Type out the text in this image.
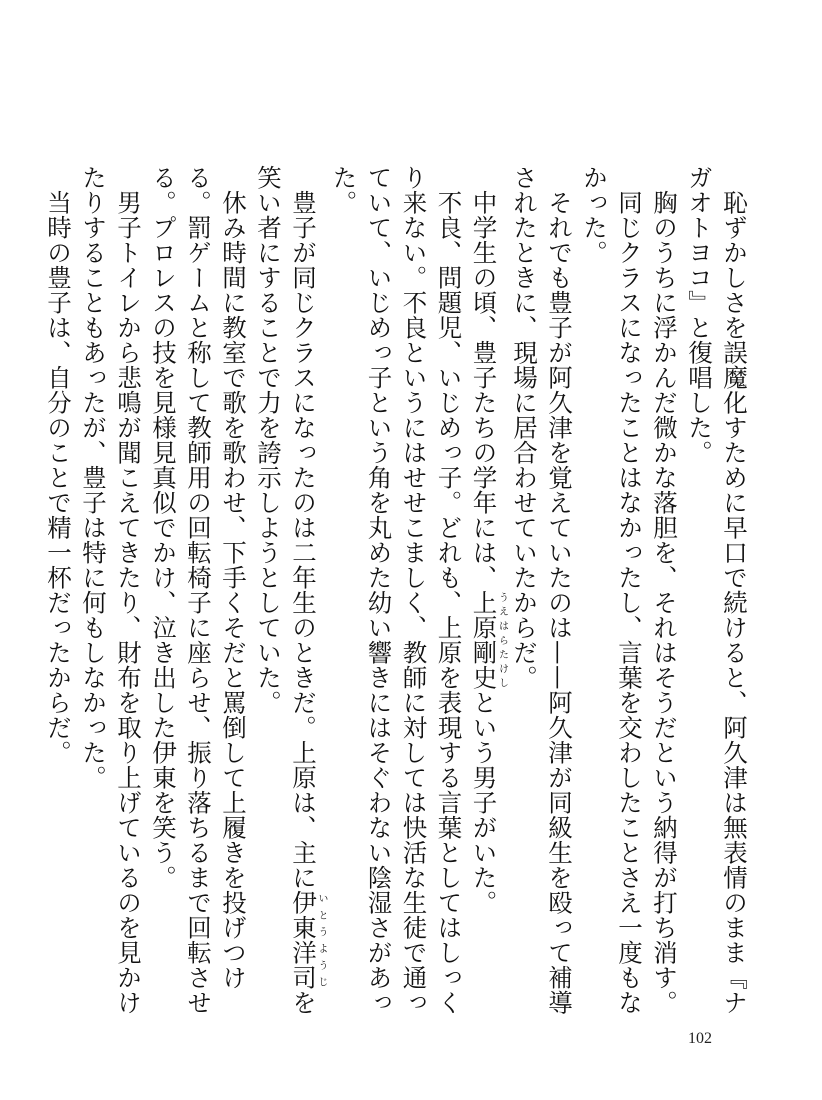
恥ずかしさを誤魔化すために早口で続けると、阿久津は無表情のまま『ナガオトヨコ』と復唱した。

胸のうちに浮かんだ微かな落胆を、それはそうだという納得が打ち消す。

同じクラスになったことはなかったし、言葉を交わしたことさえ一度もなかった。

それでも豊子が阿久津を覚えていたのは——阿久津が同級生を殴って補導されたときに、現場に居合わせていたからだ。

中学生の頃、豊子たちの学年には、上原剛史うえはらたけしという男子がいた。

不良、問題児、いじめっ子。どれも、上原を表現する言葉としてはしっくり来ない。不良というにはせせこましく、教師に対しては快活な生徒で通っていて、いじめっ子という角を丸めた幼い響きにはそぐわない陰湿さがあった。

豊子が同じクラスになったのは二年生のときだ。上原は、主に伊東洋司いとうようじを笑い者にすることで力を誇示しようとしていた。

休み時間に教室で歌を歌わせ、下手くそだと罵倒して上履きを投げつける。罰ゲームと称して教師用の回転椅子に座らせ、振り落ちるまで回転させる。プロレスの技を見様見真似でかけ、泣き出した伊東を笑う。

男子トイレから悲鳴が聞こえてきたり、財布を取り上げているのを見かけたりすることもあったが、豊子は特に何もしなかった。

当時の豊子は、自分のことで精一杯だったからだ。

102
